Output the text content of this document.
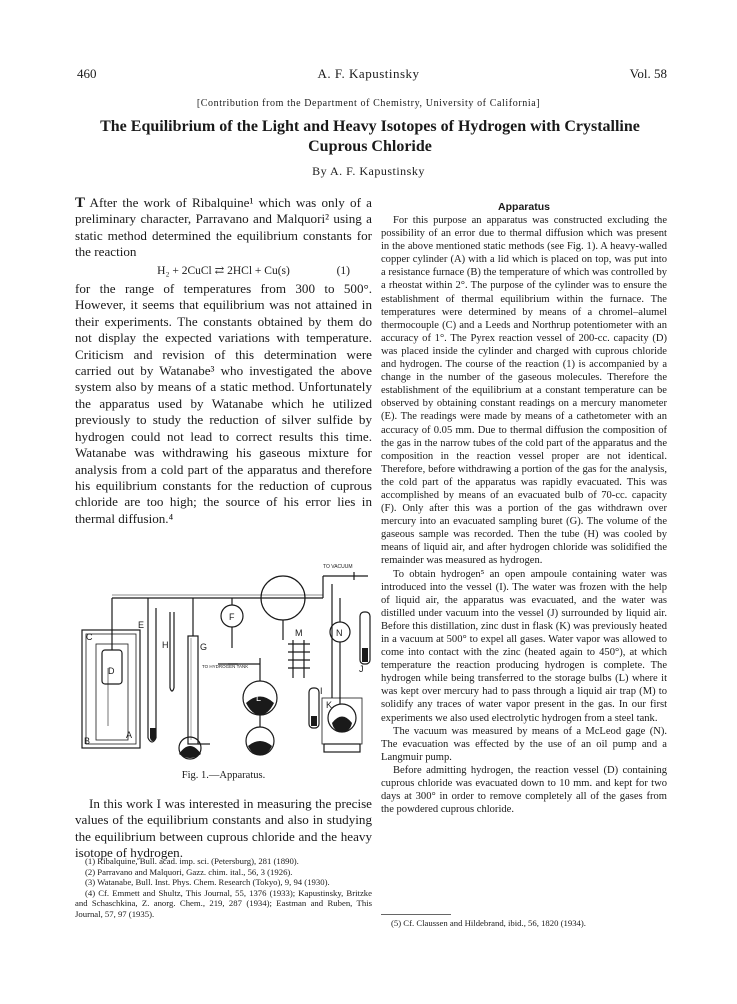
460	A. F. Kapustinsky	Vol. 58
[Contribution from the Department of Chemistry, University of California]
The Equilibrium of the Light and Heavy Isotopes of Hydrogen with Crystalline Cuprous Chloride
By A. F. Kapustinsky

T After the work of Ribalquine¹ which was only of a preliminary character, Parravano and Malquori² using a static method determined the equilibrium constants for the reaction

H₂ + 2CuCl ⇄ 2HCl + Cu(s)	(1)

for the range of temperatures from 300 to 500°. However, it seems that equilibrium was not attained in their experiments. The constants obtained by them do not display the expected variations with temperature. Criticism and revision of this determination were carried out by Watanabe³ who investigated the above system also by means of a static method. Unfortunately the apparatus used by Watanabe which he utilized previously to study the reduction of silver sulfide by hydrogen could not lead to correct results this time. Watanabe was withdrawing his gaseous mixture for analysis from a cold part of the apparatus and therefore his equilibrium constants for the reduction of cuprous chloride are too high; the source of his error lies in thermal diffusion.⁴

TO VACUUM
TO HYDROGEN TANK
A
B
C
D
E
F
G
H
I
J
K
L
M	N
Fig. 1.—Apparatus.

In this work I was interested in measuring the precise values of the equilibrium constants and also in studying the equilibrium between cuprous chloride and the heavy isotope of hydrogen.

(1) Ribalquine, Bull. acad. imp. sci. (Petersburg), 281 (1890).
(2) Parravano and Malquori, Gazz. chim. ital., 56, 3 (1926).
(3) Watanabe, Bull. Inst. Phys. Chem. Research (Tokyo), 9, 94 (1930).
(4) Cf. Emmett and Shultz, This Journal, 55, 1376 (1933); Kapustinsky, Britzke and Schaschkina, Z. anorg. Chem., 219, 287 (1934); Eastman and Ruben, This Journal, 57, 97 (1935).
Apparatus

For this purpose an apparatus was constructed excluding the possibility of an error due to thermal diffusion which was present in the above mentioned static methods (see Fig. 1). A heavy-walled copper cylinder (A) with a lid which is placed on top, was put into a resistance furnace (B) the temperature of which was controlled by a rheostat within 2°. The purpose of the cylinder was to ensure the establishment of thermal equilibrium within the furnace. The temperatures were determined by means of a chromel–alumel thermocouple (C) and a Leeds and Northrup potentiometer with an accuracy of 1°. The Pyrex reaction vessel of 200-cc. capacity (D) was placed inside the cylinder and charged with cuprous chloride and hydrogen. The course of the reaction (1) is accompanied by a change in the number of the gaseous molecules. Therefore the establishment of the equilibrium at a constant temperature can be observed by obtaining constant readings on a mercury manometer (E). The readings were made by means of a cathetometer with an accuracy of 0.05 mm. Due to thermal diffusion the composition of the gas in the narrow tubes of the cold part of the apparatus and the composition in the reaction vessel proper are not identical. Therefore, before withdrawing a portion of the gas for the analysis, the cold part of the apparatus was rapidly evacuated. This was accomplished by means of an evacuated bulb of 70-cc. capacity (F). Only after this was a portion of the gas withdrawn over mercury into an evacuated sampling buret (G). The volume of the gaseous sample was recorded. Then the tube (H) was cooled by means of liquid air, and after hydrogen chloride was solidified the remainder was measured as hydrogen.

To obtain hydrogen⁵ an open ampoule containing water was introduced into the vessel (I). The water was frozen with the help of liquid air, the apparatus was evacuated, and the water was distilled under vacuum into the vessel (J) surrounded by liquid air. Before this distillation, zinc dust in flask (K) was previously heated in a vacuum at 500° to expel all gases. Water vapor was allowed to come into contact with the zinc (heated again to 450°), at which temperature the reaction producing hydrogen is complete. The hydrogen while being transferred to the storage bulbs (L) where it was kept over mercury had to pass through a liquid air trap (M) to solidify any traces of water vapor present in the gas. In our first experiments we also used electrolytic hydrogen from a steel tank.

The vacuum was measured by means of a McLeod gage (N). The evacuation was effected by the use of an oil pump and a Langmuir pump.

Before admitting hydrogen, the reaction vessel (D) containing cuprous chloride was evacuated down to 10 mm. and kept for two days at 300° in order to remove completely all of the gases from the powdered cuprous chloride.

(5) Cf. Claussen and Hildebrand, ibid., 56, 1820 (1934).
